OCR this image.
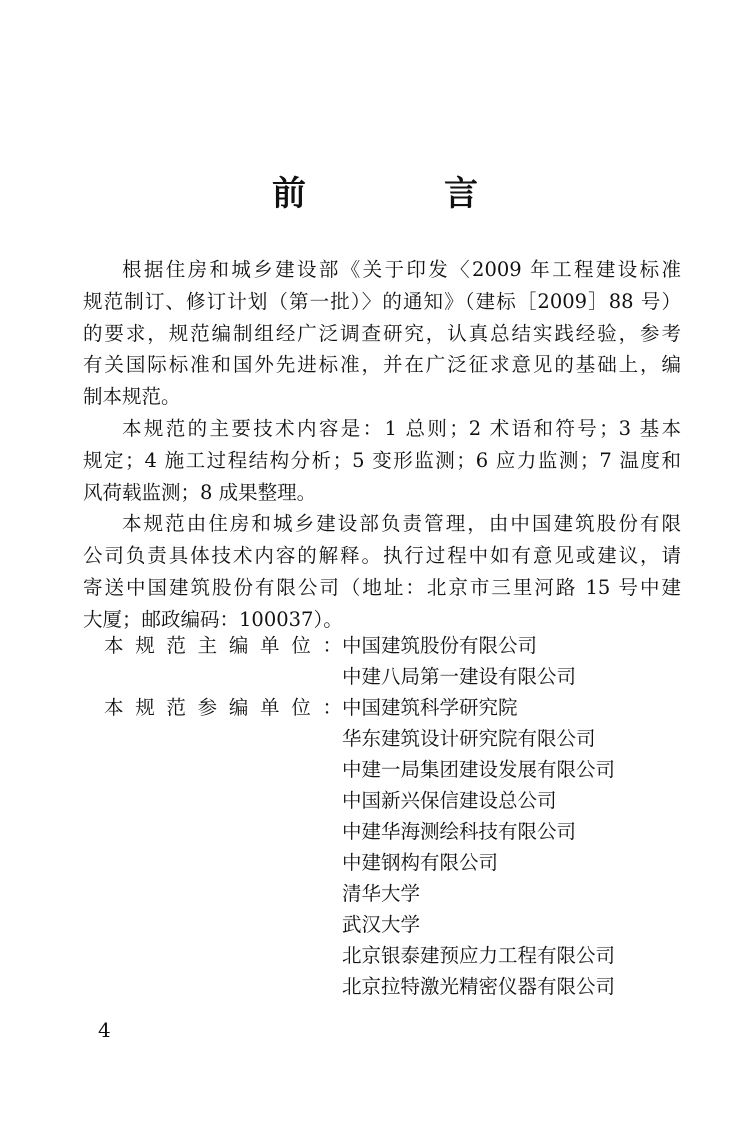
前　言
根据住房和城乡建设部《关于印发〈2009 年工程建设标准
规范制订、修订计划（第一批）〉的通知》（建标［2009］88 号）
的要求，规范编制组经广泛调查研究，认真总结实践经验，参考
有关国际标准和国外先进标准，并在广泛征求意见的基础上，编
制本规范。
本规范的主要技术内容是：1 总则；2 术语和符号；3 基本
规定；4 施工过程结构分析；5 变形监测；6 应力监测；7 温度和
风荷载监测；8 成果整理。
本规范由住房和城乡建设部负责管理，由中国建筑股份有限
公司负责具体技术内容的解释。执行过程中如有意见或建议，请
寄送中国建筑股份有限公司（地址：北京市三里河路 15 号中建
大厦；邮政编码：100037）。
本规范主编单位： 中国建筑股份有限公司
中建八局第一建设有限公司
本规范参编单位： 中国建筑科学研究院
华东建筑设计研究院有限公司
中建一局集团建设发展有限公司
中国新兴保信建设总公司
中建华海测绘科技有限公司
中建钢构有限公司
清华大学
武汉大学
北京银泰建预应力工程有限公司
北京拉特激光精密仪器有限公司
4
